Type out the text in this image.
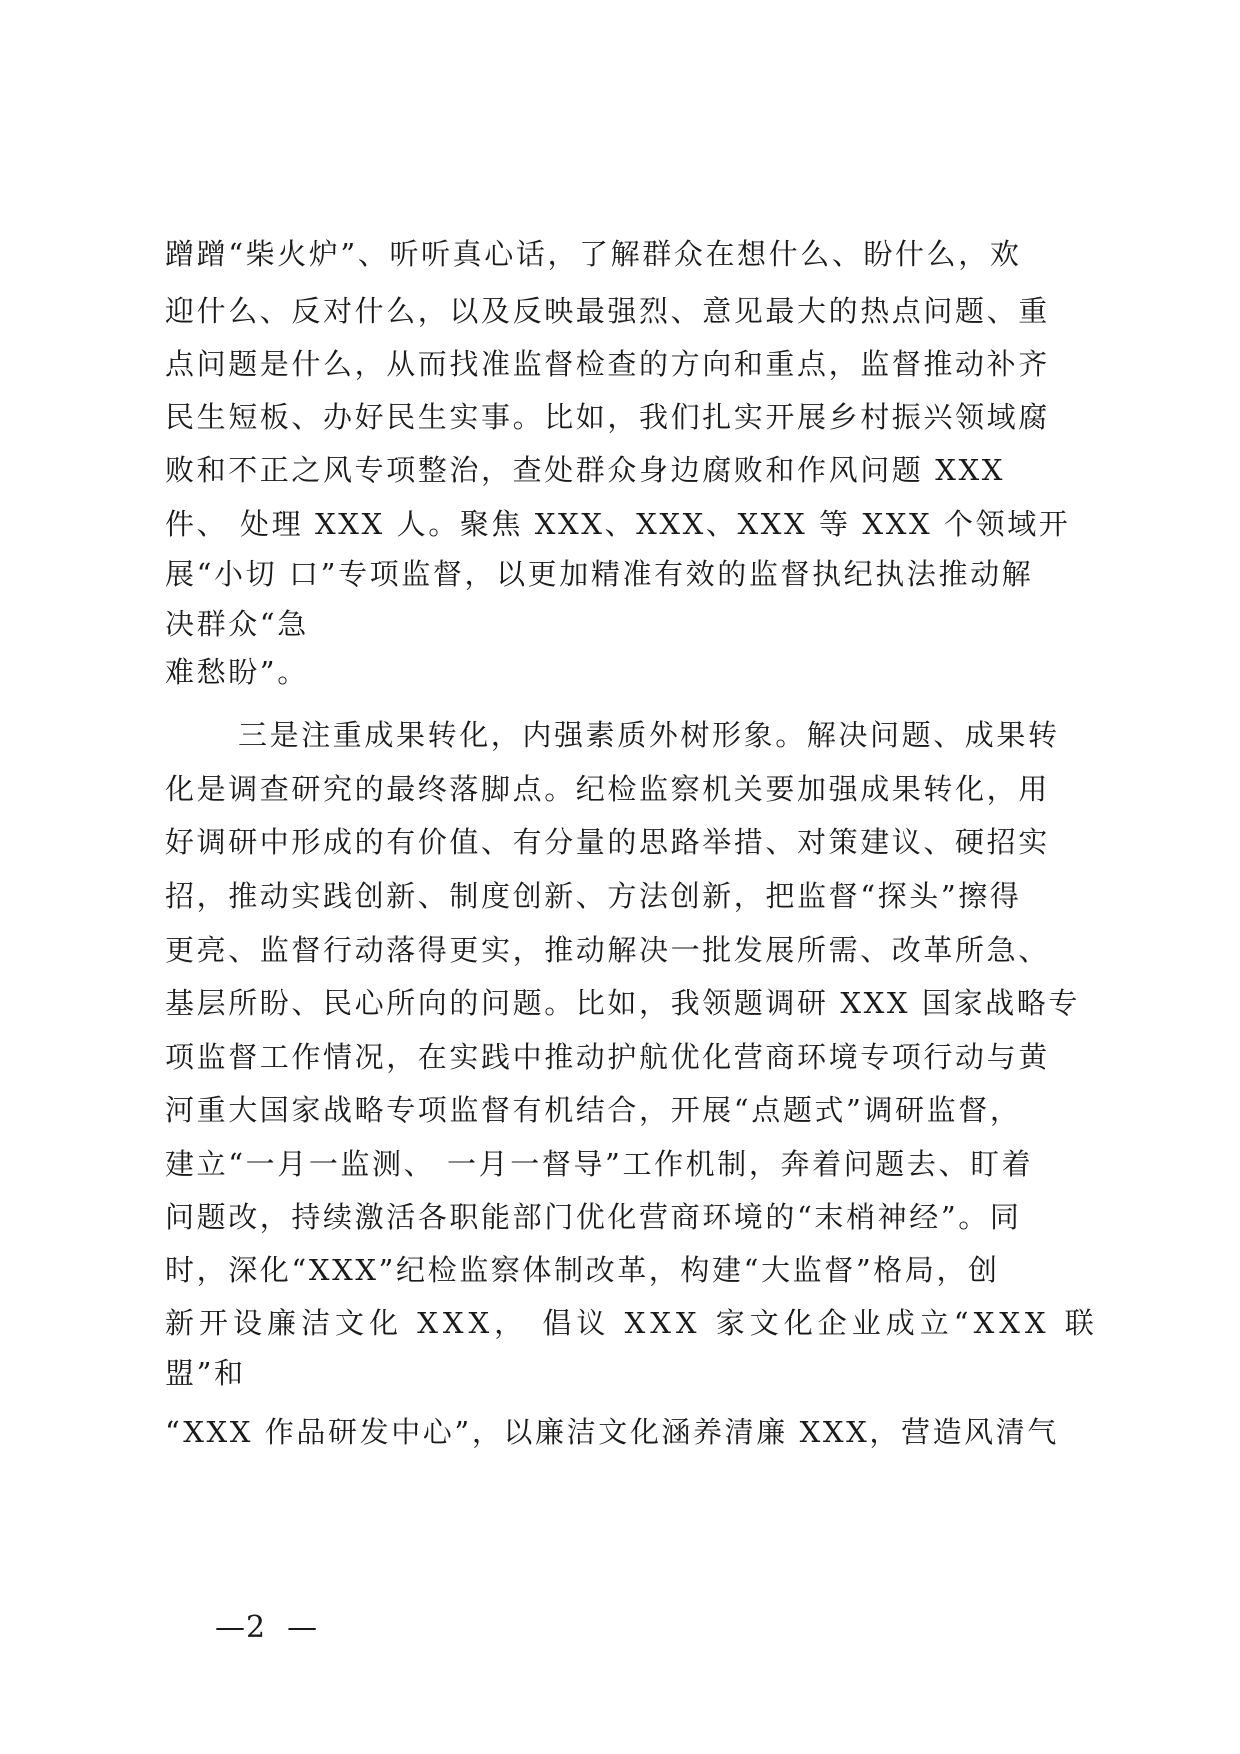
蹭蹭“柴火炉”、听听真心话，了解群众在想什么、盼什么，欢
迎什么、反对什么，以及反映最强烈、意见最大的热点问题、重
点问题是什么，从而找准监督检查的方向和重点，监督推动补齐
民生短板、办好民生实事。比如，我们扎实开展乡村振兴领域腐
败和不正之风专项整治，查处群众身边腐败和作风问题 XXX
件、 处理 XXX 人。聚焦 XXX、XXX、XXX 等 XXX 个领域开
展“小切 口”专项监督，以更加精准有效的监督执纪执法推动解
决群众“急
难愁盼”。
三是注重成果转化，内强素质外树形象。解决问题、成果转
化是调查研究的最终落脚点。纪检监察机关要加强成果转化，用
好调研中形成的有价值、有分量的思路举措、对策建议、硬招实
招，推动实践创新、制度创新、方法创新，把监督“探头”擦得
更亮、监督行动落得更实，推动解决一批发展所需、改革所急、
基层所盼、民心所向的问题。比如，我领题调研 XXX 国家战略专
项监督工作情况，在实践中推动护航优化营商环境专项行动与黄
河重大国家战略专项监督有机结合，开展“点题式”调研监督，
建立“一月一监测、 一月一督导”工作机制，奔着问题去、盯着
问题改，持续激活各职能部门优化营商环境的“末梢神经”。同
时，深化“XXX”纪检监察体制改革，构建“大监督”格局，创
新开设廉洁文化 XXX， 倡议 XXX 家文化企业成立“XXX 联
盟”和
“XXX 作品研发中心”，以廉洁文化涵养清廉 XXX，营造风清气
—2  —
